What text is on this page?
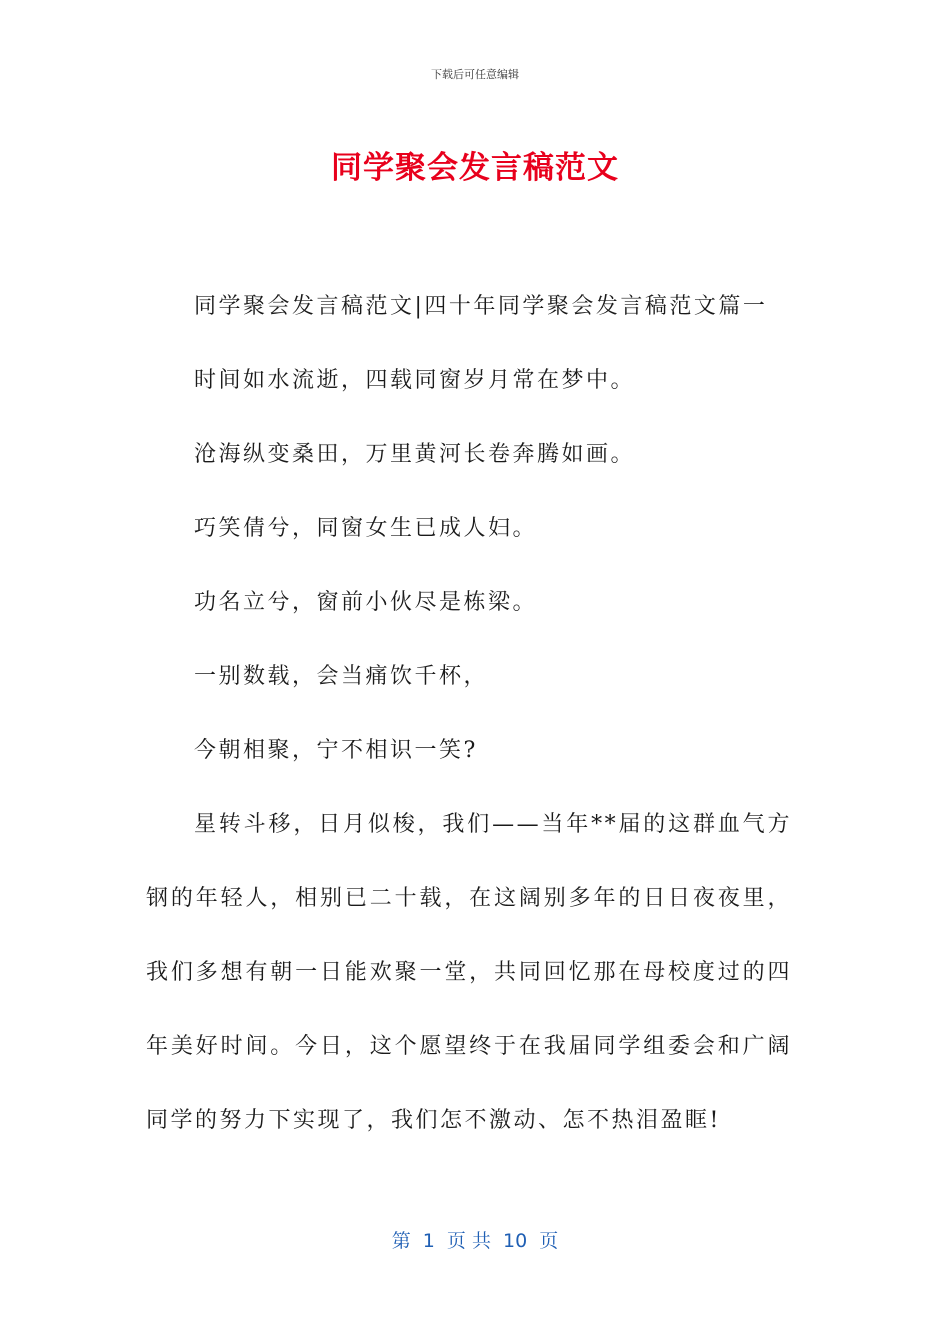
下载后可任意编辑
同学聚会发言稿范文
同学聚会发言稿范文|四十年同学聚会发言稿范文篇一
时间如水流逝，四载同窗岁月常在梦中。
沧海纵变桑田，万里黄河长卷奔腾如画。
巧笑倩兮，同窗女生已成人妇。
功名立兮，窗前小伙尽是栋梁。
一别数载，会当痛饮千杯，
今朝相聚，宁不相识一笑?
星转斗移，日月似梭，我们——当年**届的这群血气方钢的年轻人，相别已二十载，在这阔别多年的日日夜夜里，我们多想有朝一日能欢聚一堂，共同回忆那在母校度过的四年美好时间。今日，这个愿望终于在我届同学组委会和广阔同学的努力下实现了，我们怎不激动、怎不热泪盈眶!
第  1  页 共  10  页
